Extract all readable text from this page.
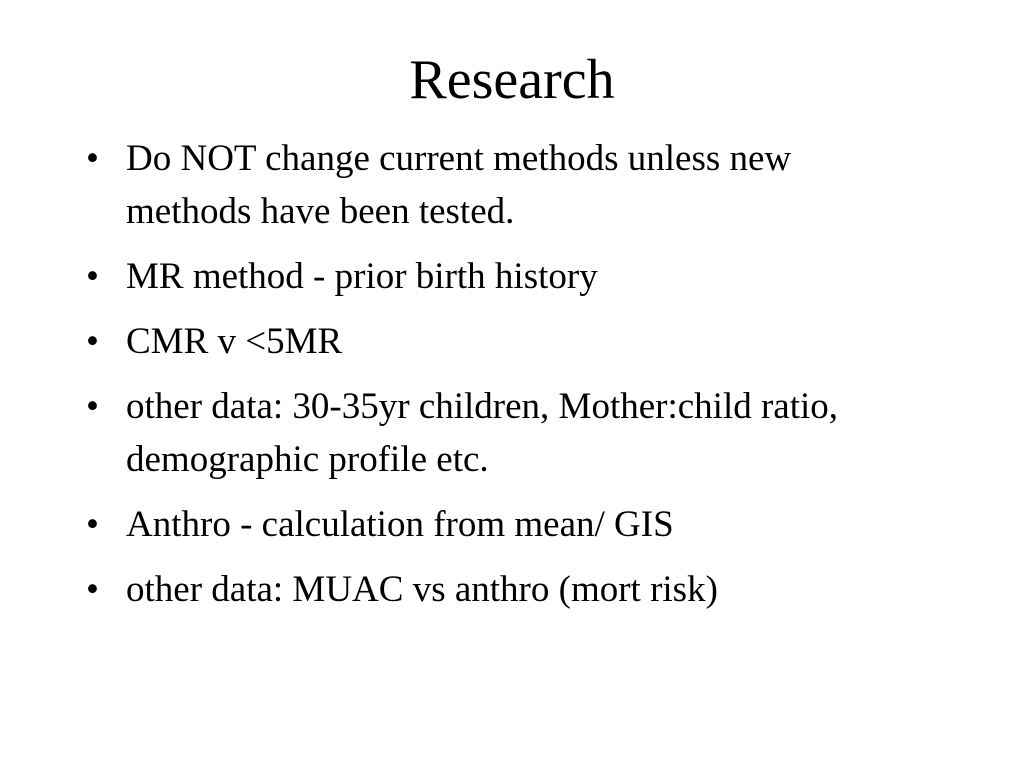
Research
• Do NOT change current methods unless new methods have been tested.
• MR method - prior birth history
• CMR v <5MR
• other data: 30-35yr children, Mother:child ratio, demographic profile etc.
• Anthro - calculation from mean/ GIS
• other data: MUAC vs anthro (mort risk)
